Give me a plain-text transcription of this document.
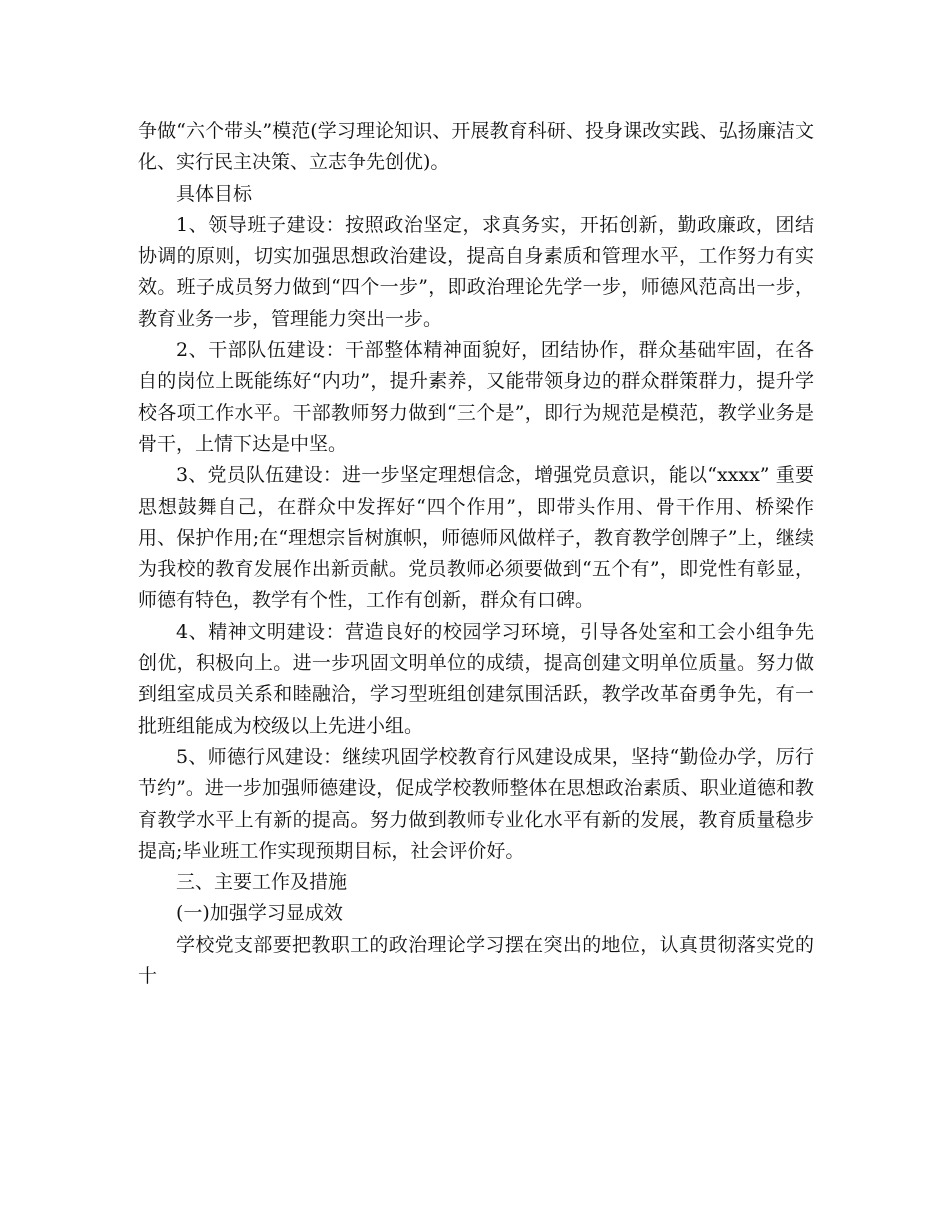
争做“六个带头”模范(学习理论知识、开展教育科研、投身课改实践、弘扬廉洁文化、实行民主决策、立志争先创优)。

具体目标

1、领导班子建设：按照政治坚定，求真务实，开拓创新，勤政廉政，团结协调的原则，切实加强思想政治建设，提高自身素质和管理水平，工作努力有实效。班子成员努力做到“四个一步”，即政治理论先学一步，师德风范高出一步，教育业务一步，管理能力突出一步。

2、干部队伍建设：干部整体精神面貌好，团结协作，群众基础牢固，在各自的岗位上既能练好“内功”，提升素养，又能带领身边的群众群策群力，提升学校各项工作水平。干部教师努力做到“三个是”，即行为规范是模范，教学业务是骨干，上情下达是中坚。

3、党员队伍建设：进一步坚定理想信念，增强党员意识，能以“xxxx” 重要思想鼓舞自己，在群众中发挥好“四个作用”，即带头作用、骨干作用、桥梁作用、保护作用;在“理想宗旨树旗帜，师德师风做样子，教育教学创牌子”上，继续为我校的教育发展作出新贡献。党员教师必须要做到“五个有”，即党性有彰显，师德有特色，教学有个性，工作有创新，群众有口碑。

4、精神文明建设：营造良好的校园学习环境，引导各处室和工会小组争先创优，积极向上。进一步巩固文明单位的成绩，提高创建文明单位质量。努力做到组室成员关系和睦融洽，学习型班组创建氛围活跃，教学改革奋勇争先，有一批班组能成为校级以上先进小组。

5、师德行风建设：继续巩固学校教育行风建设成果，坚持“勤俭办学，厉行节约”。进一步加强师德建设，促成学校教师整体在思想政治素质、职业道德和教育教学水平上有新的提高。努力做到教师专业化水平有新的发展，教育质量稳步提高;毕业班工作实现预期目标，社会评价好。

三、主要工作及措施

(一)加强学习显成效

学校党支部要把教职工的政治理论学习摆在突出的地位，认真贯彻落实党的十
